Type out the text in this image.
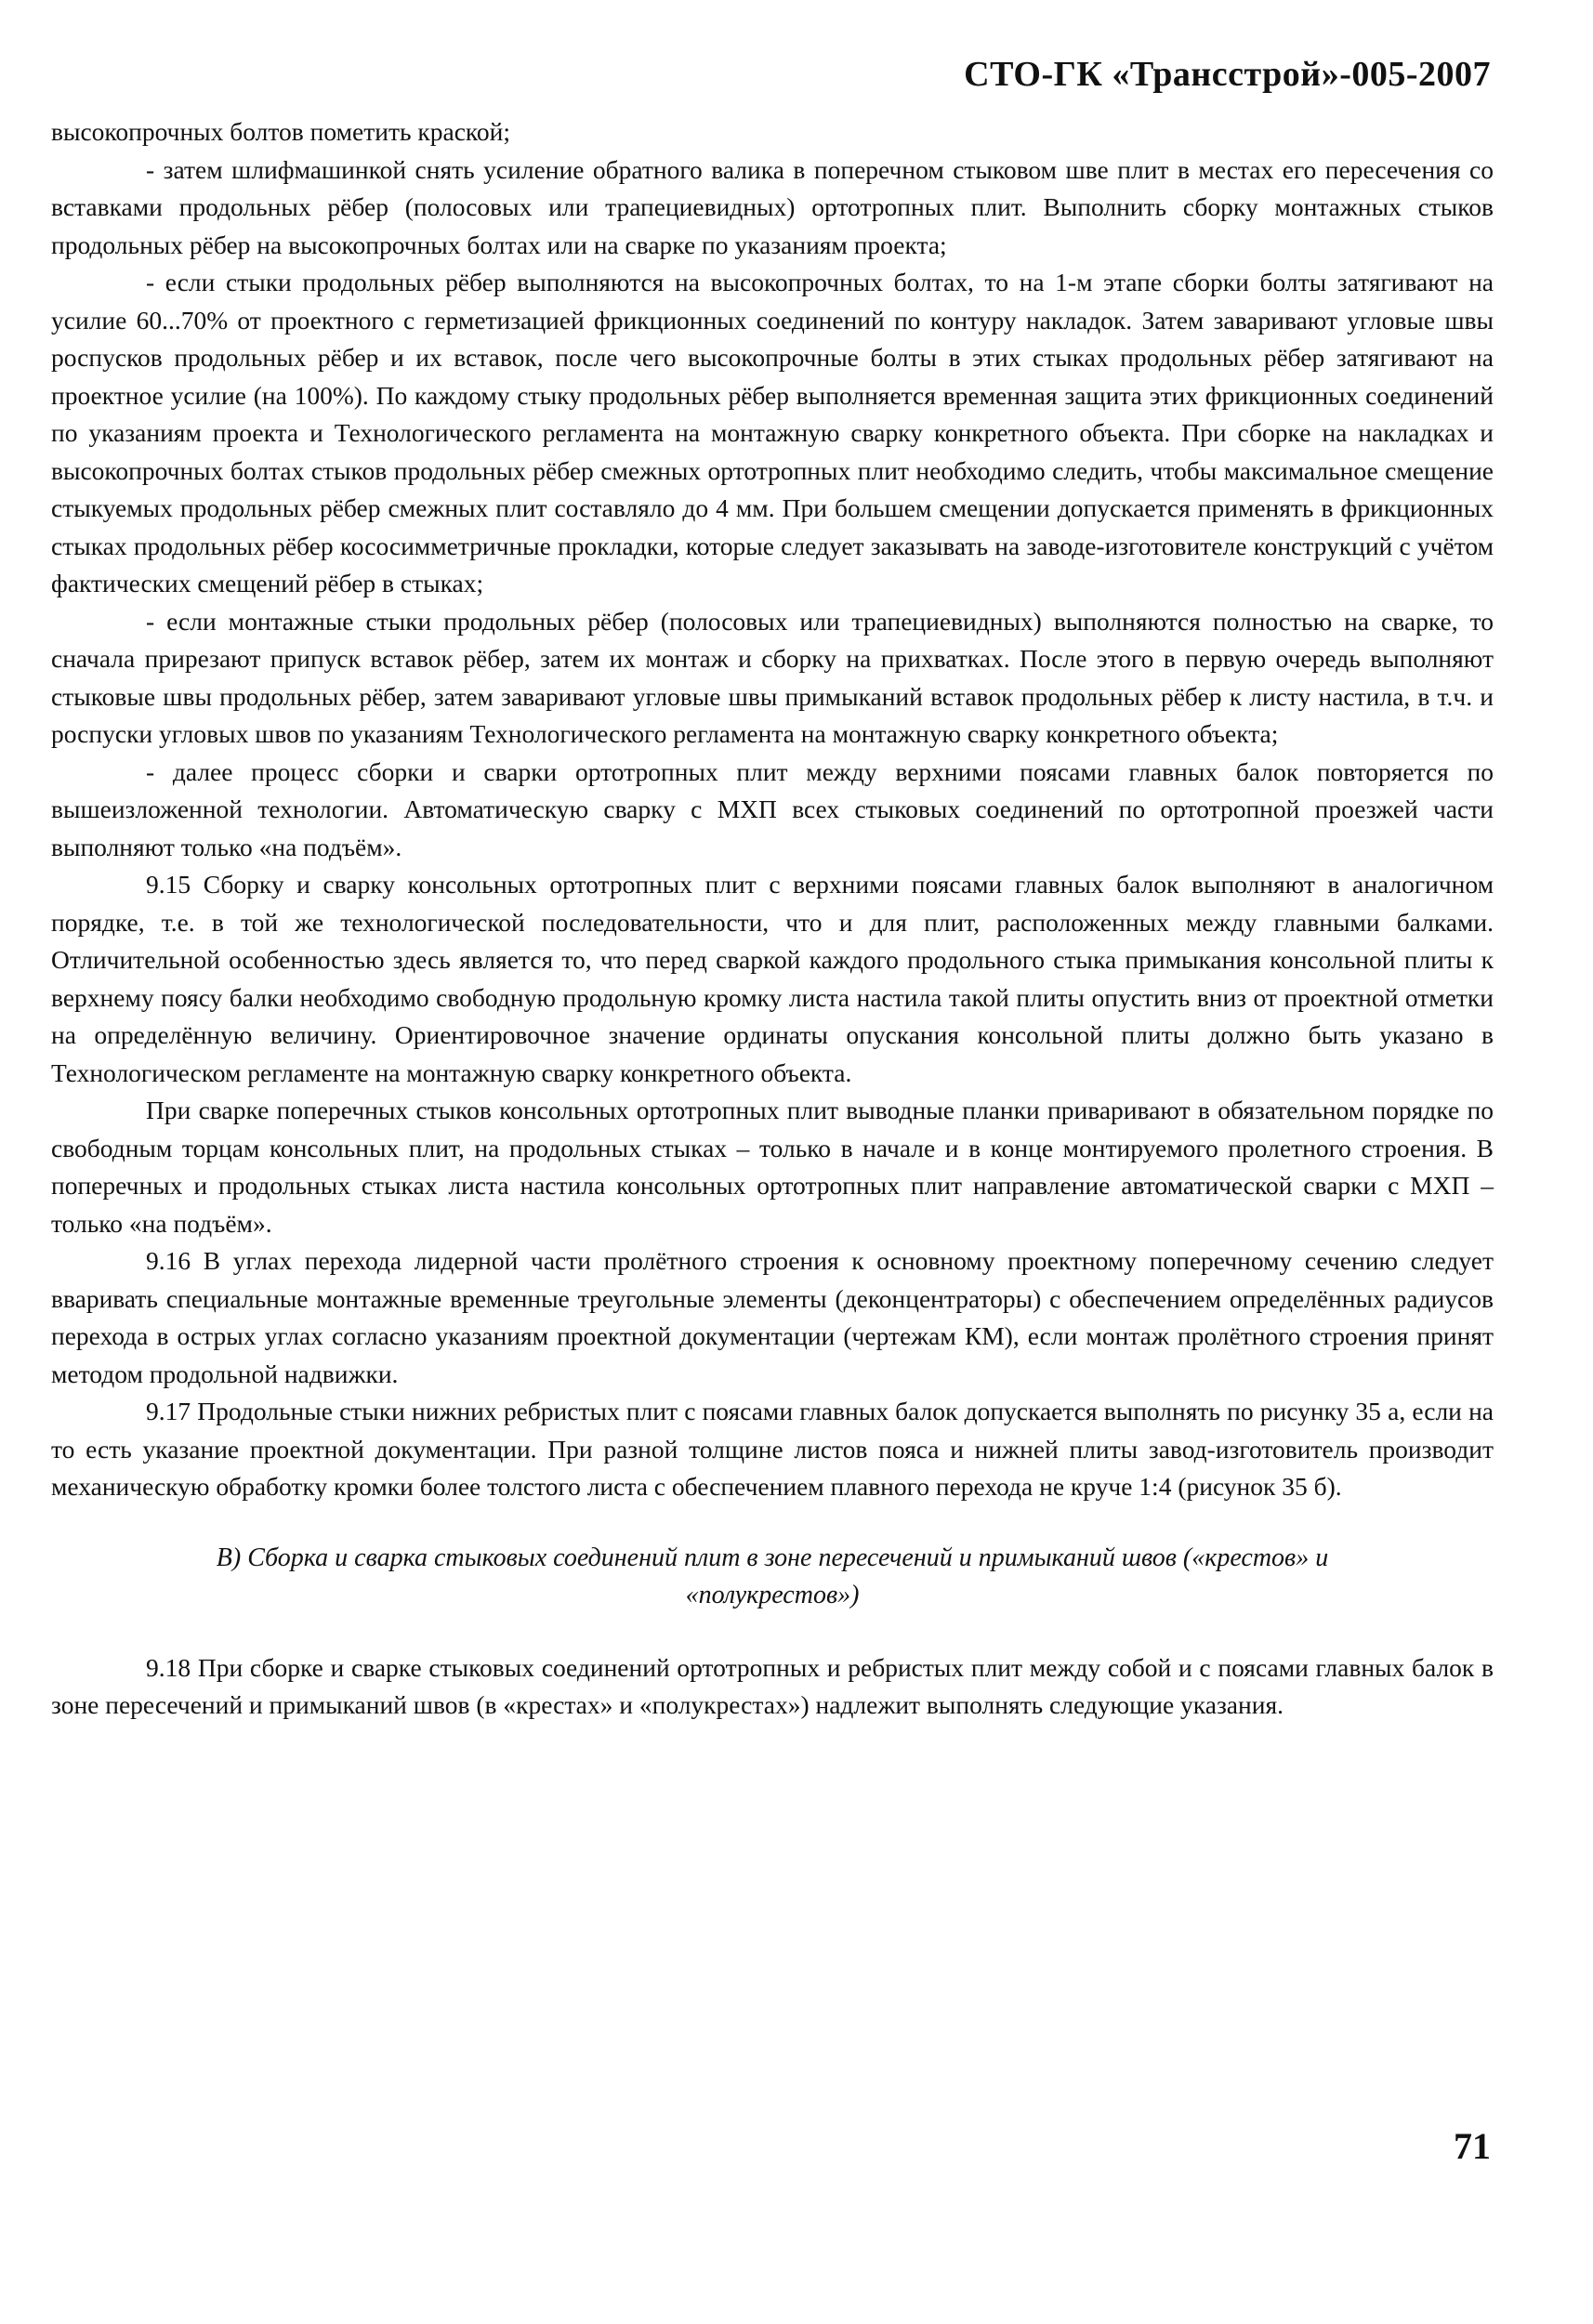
СТО-ГК «Трансстрой»-005-2007

высокопрочных болтов пометить краской;

- затем шлифмашинкой снять усиление обратного валика в поперечном стыковом шве плит в местах его пересечения со вставками продольных рёбер (полосовых или трапециевидных) ортотропных плит. Выполнить сборку монтажных стыков продольных рёбер на высокопрочных болтах или на сварке по указаниям проекта;

- если стыки продольных рёбер выполняются на высокопрочных болтах, то на 1-м этапе сборки болты затягивают на усилие 60...70% от проектного с герметизацией фрикционных соединений по контуру накладок. Затем заваривают угловые швы роспусков продольных рёбер и их вставок, после чего высокопрочные болты в этих стыках продольных рёбер затягивают на проектное усилие (на 100%). По каждому стыку продольных рёбер выполняется временная защита этих фрикционных соединений по указаниям проекта и Технологического регламента на монтажную сварку конкретного объекта. При сборке на накладках и высокопрочных болтах стыков продольных рёбер смежных ортотропных плит необходимо следить, чтобы максимальное смещение стыкуемых продольных рёбер смежных плит составляло до 4 мм. При большем смещении допускается применять в фрикционных стыках продольных рёбер кососимметричные прокладки, которые следует заказывать на заводе-изготовителе конструкций с учётом фактических смещений рёбер в стыках;

- если монтажные стыки продольных рёбер (полосовых или трапециевидных) выполняются полностью на сварке, то сначала прирезают припуск вставок рёбер, затем их монтаж и сборку на прихватках. После этого в первую очередь выполняют стыковые швы продольных рёбер, затем заваривают угловые швы примыканий вставок продольных рёбер к листу настила, в т.ч. и роспуски угловых швов по указаниям Технологического регламента на монтажную сварку конкретного объекта;

- далее процесс сборки и сварки ортотропных плит между верхними поясами главных балок повторяется по вышеизложенной технологии. Автоматическую сварку с МХП всех стыковых соединений по ортотропной проезжей части выполняют только «на подъём».

9.15 Сборку и сварку консольных ортотропных плит с верхними поясами главных балок выполняют в аналогичном порядке, т.е. в той же технологической последовательности, что и для плит, расположенных между главными балками. Отличительной особенностью здесь является то, что перед сваркой каждого продольного стыка примыкания консольной плиты к верхнему поясу балки необходимо свободную продольную кромку листа настила такой плиты опустить вниз от проектной отметки на определённую величину. Ориентировочное значение ординаты опускания консольной плиты должно быть указано в Технологическом регламенте на монтажную сварку конкретного объекта.

При сварке поперечных стыков консольных ортотропных плит выводные планки приваривают в обязательном порядке по свободным торцам консольных плит, на продольных стыках – только в начале и в конце монтируемого пролетного строения. В поперечных и продольных стыках листа настила консольных ортотропных плит направление автоматической сварки с МХП – только «на подъём».

9.16 В углах перехода лидерной части пролётного строения к основному проектному поперечному сечению следует вваривать специальные монтажные временные треугольные элементы (деконцентраторы) с обеспечением определённых радиусов перехода в острых углах согласно указаниям проектной документации (чертежам КМ), если монтаж пролётного строения принят методом продольной надвижки.

9.17 Продольные стыки нижних ребристых плит с поясами главных балок допускается выполнять по рисунку 35 а, если на то есть указание проектной документации. При разной толщине листов пояса и нижней плиты завод-изготовитель производит механическую обработку кромки более толстого листа с обеспечением плавного перехода не круче 1:4 (рисунок 35 б).

В) Сборка и сварка стыковых соединений плит в зоне пересечений и примыканий швов («крестов» и «полукрестов»)

9.18 При сборке и сварке стыковых соединений ортотропных и ребристых плит между собой и с поясами главных балок в зоне пересечений и примыканий швов (в «крестах» и «полукрестах») надлежит выполнять следующие указания.

71
